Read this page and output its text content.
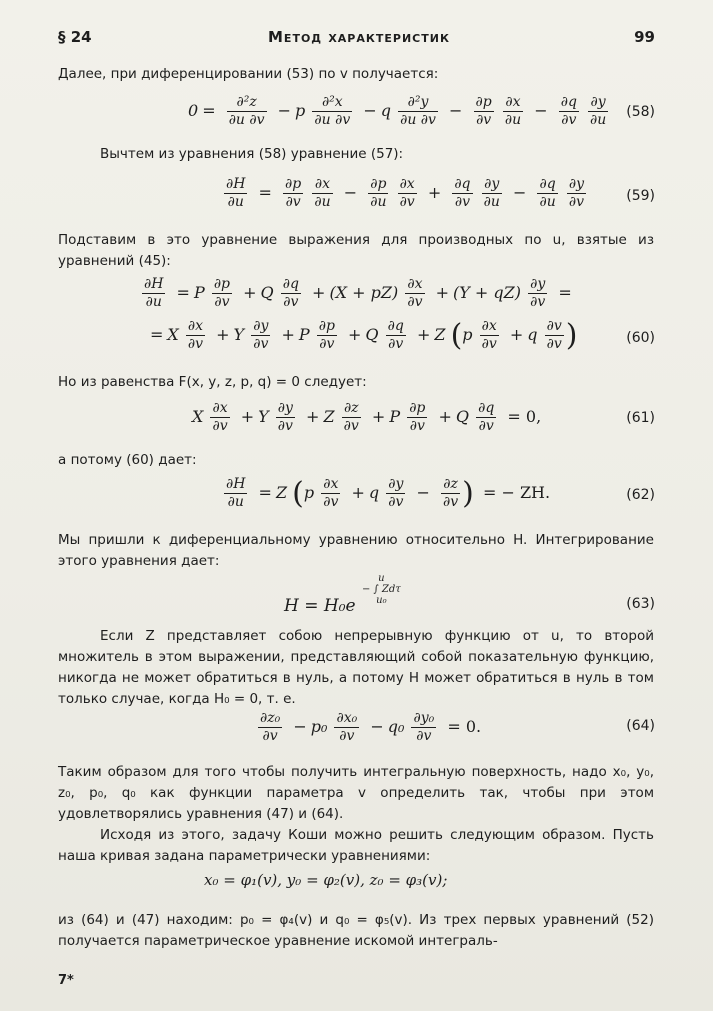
§ 24	Метод характеристик	99
Далее, при диференцировании (53) по v получается:
$0 = \frac{\text{∂²z}}{\partial u \partial v} - p \frac{\text{∂²x}}{\partial u \partial v} - q \frac{\text{∂²y}}{\partial u \partial v} - \frac{\partial p}{\partial v}$
$\frac{\partial x}{\partial u} - \frac{\partial q}{\partial v}$
$\frac{\partial y}{\partial u} (58)$
Вычтем из уравнения (58) уравнение (57):
$\frac{\partial H}{\partial u} = \frac{\partial p}{\partial v}$
$\frac{\partial x}{\partial u} - \frac{\partial p}{\partial u}$
$\frac{\partial x}{\partial v} + \frac{\partial q}{\partial v}$
$\frac{\partial y}{\partial u} - \frac{\partial q}{\partial u}$
$\frac{\partial y}{\partial v}$	(59)
Подставим в это уравнение выражения для производных по u, взятые из уравнений (45):
$\frac{\partial H}{\partial u} = P \frac{\partial p}{\partial v} + Q \frac{\partial q}{\partial v} + (X + pZ) \frac{\partial x}{\partial v} + (Y + qZ) \frac{\partial y}{\partial v}$ =
= X $\frac{\partial x}{\partial v} + Y \frac{\partial y}{\partial v} + P \frac{\partial p}{\partial v} + Q \frac{\partial q}{\partial v} + Z$ ($p \frac{\partial x}{\partial v} + q \frac{\partial v}{\partial v}$ )	(60)
Но из равенства F(x, y, z, p, q) = 0 следует:
X $\frac{\partial x}{\partial v} + Y \frac{\partial y}{\partial v} + Z \frac{\partial z}{\partial v} + P \frac{\partial p}{\partial v} + Q \frac{\partial q}{\partial v} = 0$,	(61)
а потому (60) дает:
$\frac{\partial H}{\partial u} = Z$ ($p \frac{\partial x}{\partial v} + q \frac{\partial y}{\partial v} - \frac{\partial z}{\partial v}$ ) = − ZH.	(62)
Мы пришли к диференциальному уравнению относительно H. Интегрирование этого уравнения дает:
H = H₀e
u
− ∫ Zdτ
u₀	(63)
Если Z представляет собою непрерывную функцию от u, то второй множитель в этом выражении, представляющий собой показательную функцию, никогда не может обратиться в нуль, а потому H может обратиться в нуль в том только случае, когда H₀ = 0, т. е.
$\frac{\text{∂z₀}}{\partial v} - p_0 \frac{\text{∂x₀}}{\partial v} - q_0 \frac{\text{∂y₀}}{\partial v} = 0$.	(64)
Таким образом для того чтобы получить интегральную поверхность, надо x₀, y₀, z₀, p₀, q₀ как функции параметра v определить так, чтобы при этом удовлетворялись уравнения (47) и (64).
Исходя из этого, задачу Коши можно решить следующим образом. Пусть наша кривая задана параметрически уравнениями:
x₀ = φ₁(v), y₀ = φ₂(v), z₀ = φ₃(v);
из (64) и (47) находим: p₀ = φ₄(v) и q₀ = φ₅(v). Из трех первых уравнений (52) получается параметрическое уравнение искомой интеграль-
7*
